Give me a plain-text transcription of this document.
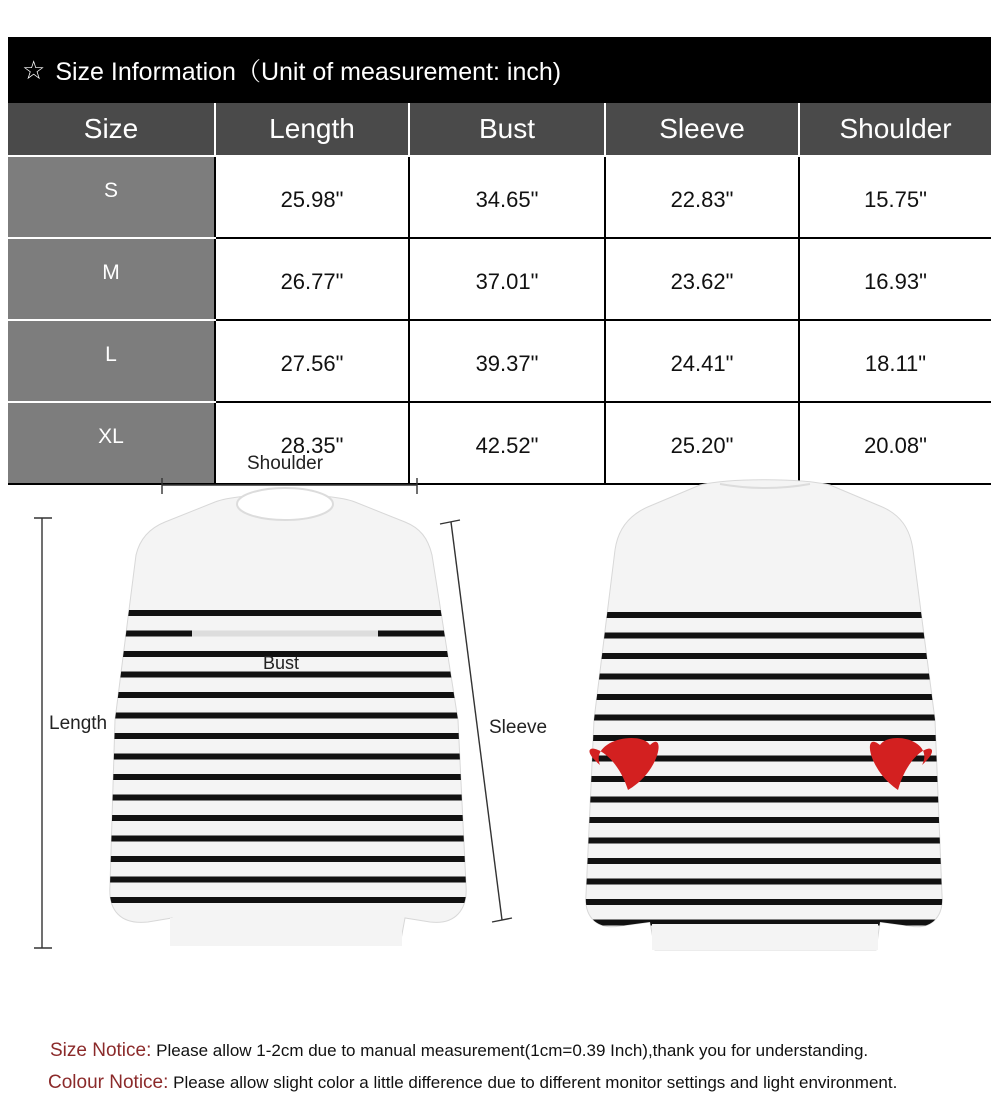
☆ Size Information（Unit of measurement: inch)
Size	Length	Bust	Sleeve	Shoulder
S	25.98"	34.65"	22.83"	15.75"
M	26.77"	37.01"	23.62"	16.93"
L	27.56"	39.37"	24.41"	18.11"
XL	28.35"	42.52"	25.20"	20.08"
Shoulder
Bust
Length	Sleeve
Size Notice: Please allow 1-2cm due to manual measurement(1cm=0.39 Inch),thank you for understanding.
Colour Notice: Please allow slight color a little difference due to different monitor settings and light environment.
